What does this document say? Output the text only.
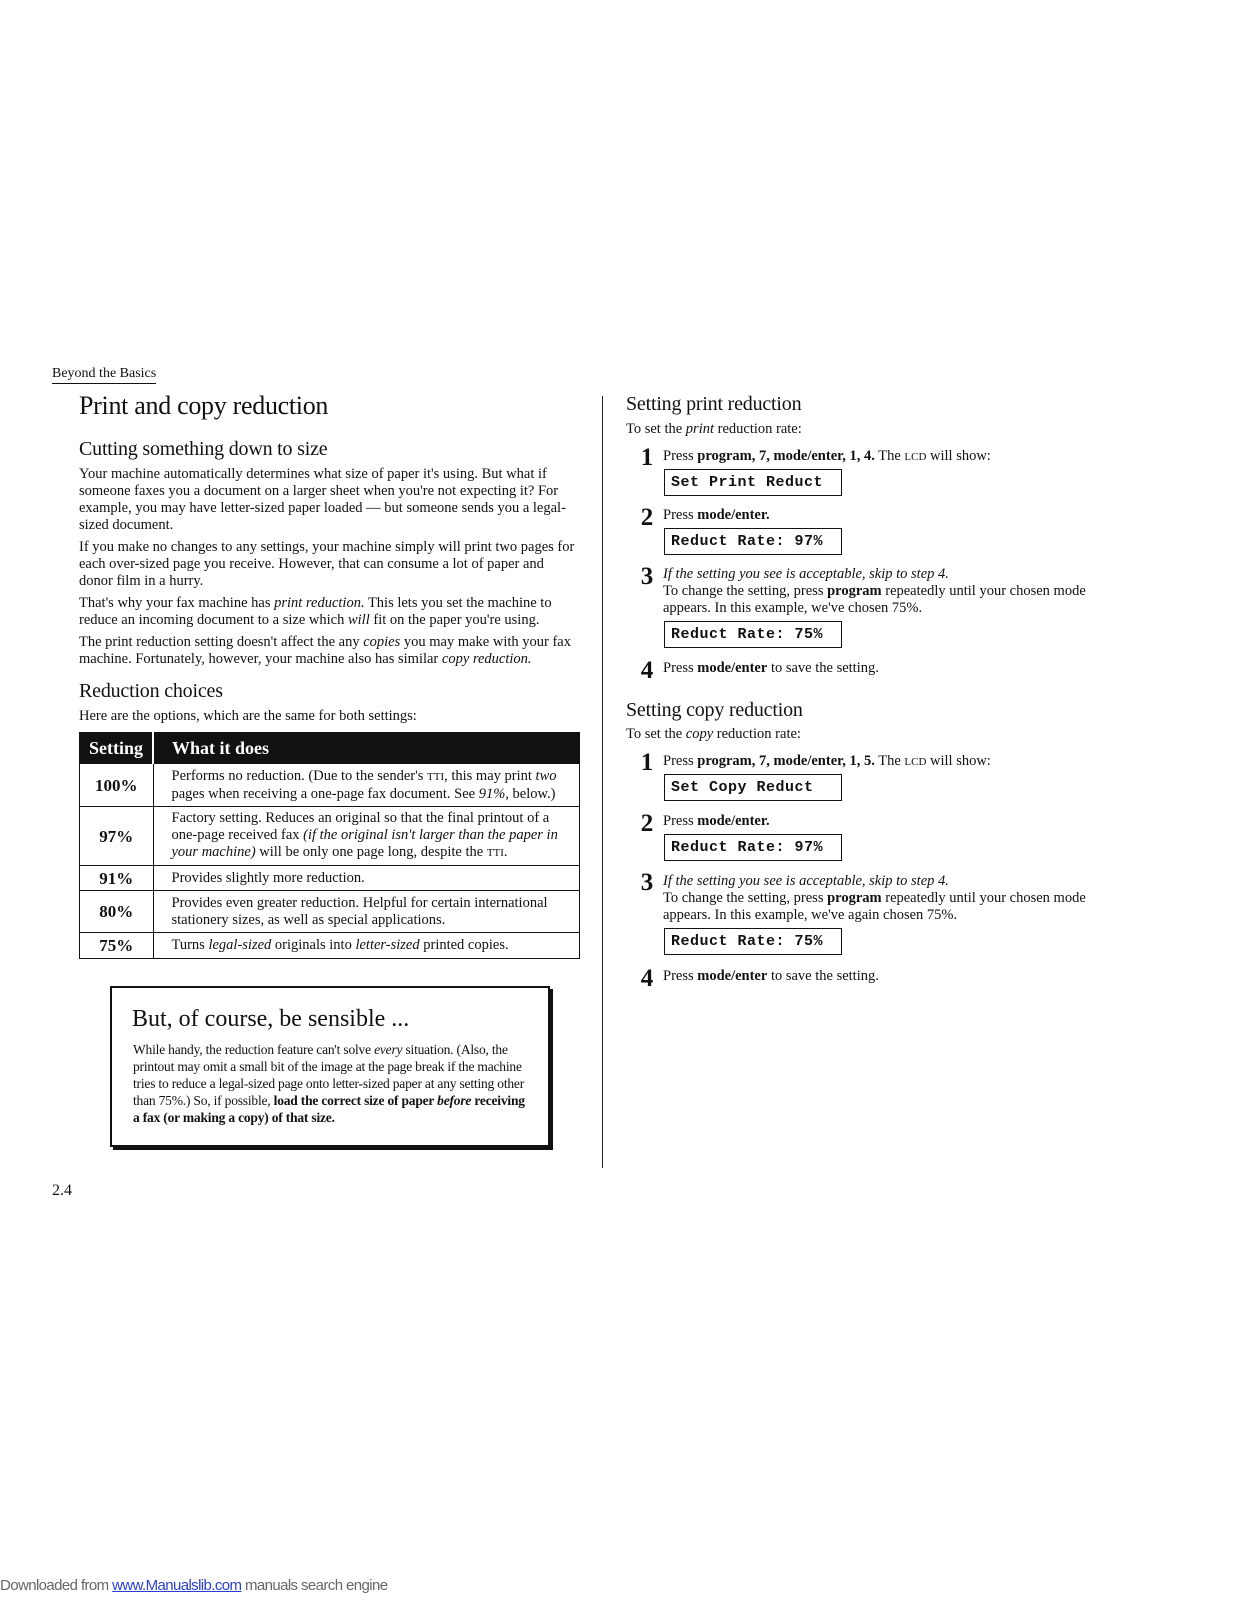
Beyond the Basics
Print and copy reduction
Cutting something down to size

Your machine automatically determines what size of paper it's using. But what if someone faxes you a document on a larger sheet when you're not expecting it? For example, you may have letter-sized paper loaded — but someone sends you a legal-sized document.

If you make no changes to any settings, your machine simply will print two pages for each over-sized page you receive. However, that can consume a lot of paper and donor film in a hurry.

That's why your fax machine has print reduction. This lets you set the machine to reduce an incoming document to a size which will fit on the paper you're using.

The print reduction setting doesn't affect the any copies you may make with your fax machine. Fortunately, however, your machine also has similar copy reduction.

Reduction choices
Here are the options, which are the same for both settings:
Setting	What it does
100%	Performs no reduction. (Due to the sender's TTI, this may print two pages when receiving a one-page fax document. See 91%, below.)
97%	Factory setting. Reduces an original so that the final printout of a one-page received fax (if the original isn't larger than the paper in your machine) will be only one page long, despite the TTI.
91%	Provides slightly more reduction.
80%	Provides even greater reduction. Helpful for certain international stationery sizes, as well as special applications.
75%	Turns legal-sized originals into letter-sized printed copies.
But, of course, be sensible ...
While handy, the reduction feature can't solve every situation. (Also, the printout may omit a small bit of the image at the page break if the machine tries to reduce a legal-sized page onto letter-sized paper at any setting other than 75%.) So, if possible, load the correct size of paper before receiving a fax (or making a copy) of that size.
2.4
Setting print reduction
To set the print reduction rate:
1 Press program, 7, mode/enter, 1, 4. The LCD will show:
Set Print Reduct
2 Press mode/enter.
Reduct Rate: 97%
3 If the setting you see is acceptable, skip to step 4.
To change the setting, press program repeatedly until your chosen mode appears. In this example, we've chosen 75%.
Reduct Rate: 75%
4 Press mode/enter to save the setting.
Setting copy reduction
To set the copy reduction rate:
1 Press program, 7, mode/enter, 1, 5. The LCD will show:
Set Copy Reduct
2 Press mode/enter.
Reduct Rate: 97%
3 If the setting you see is acceptable, skip to step 4.
To change the setting, press program repeatedly until your chosen mode appears. In this example, we've again chosen 75%.
Reduct Rate: 75%
4 Press mode/enter to save the setting.
Downloaded from www.Manualslib.com manuals search engine
